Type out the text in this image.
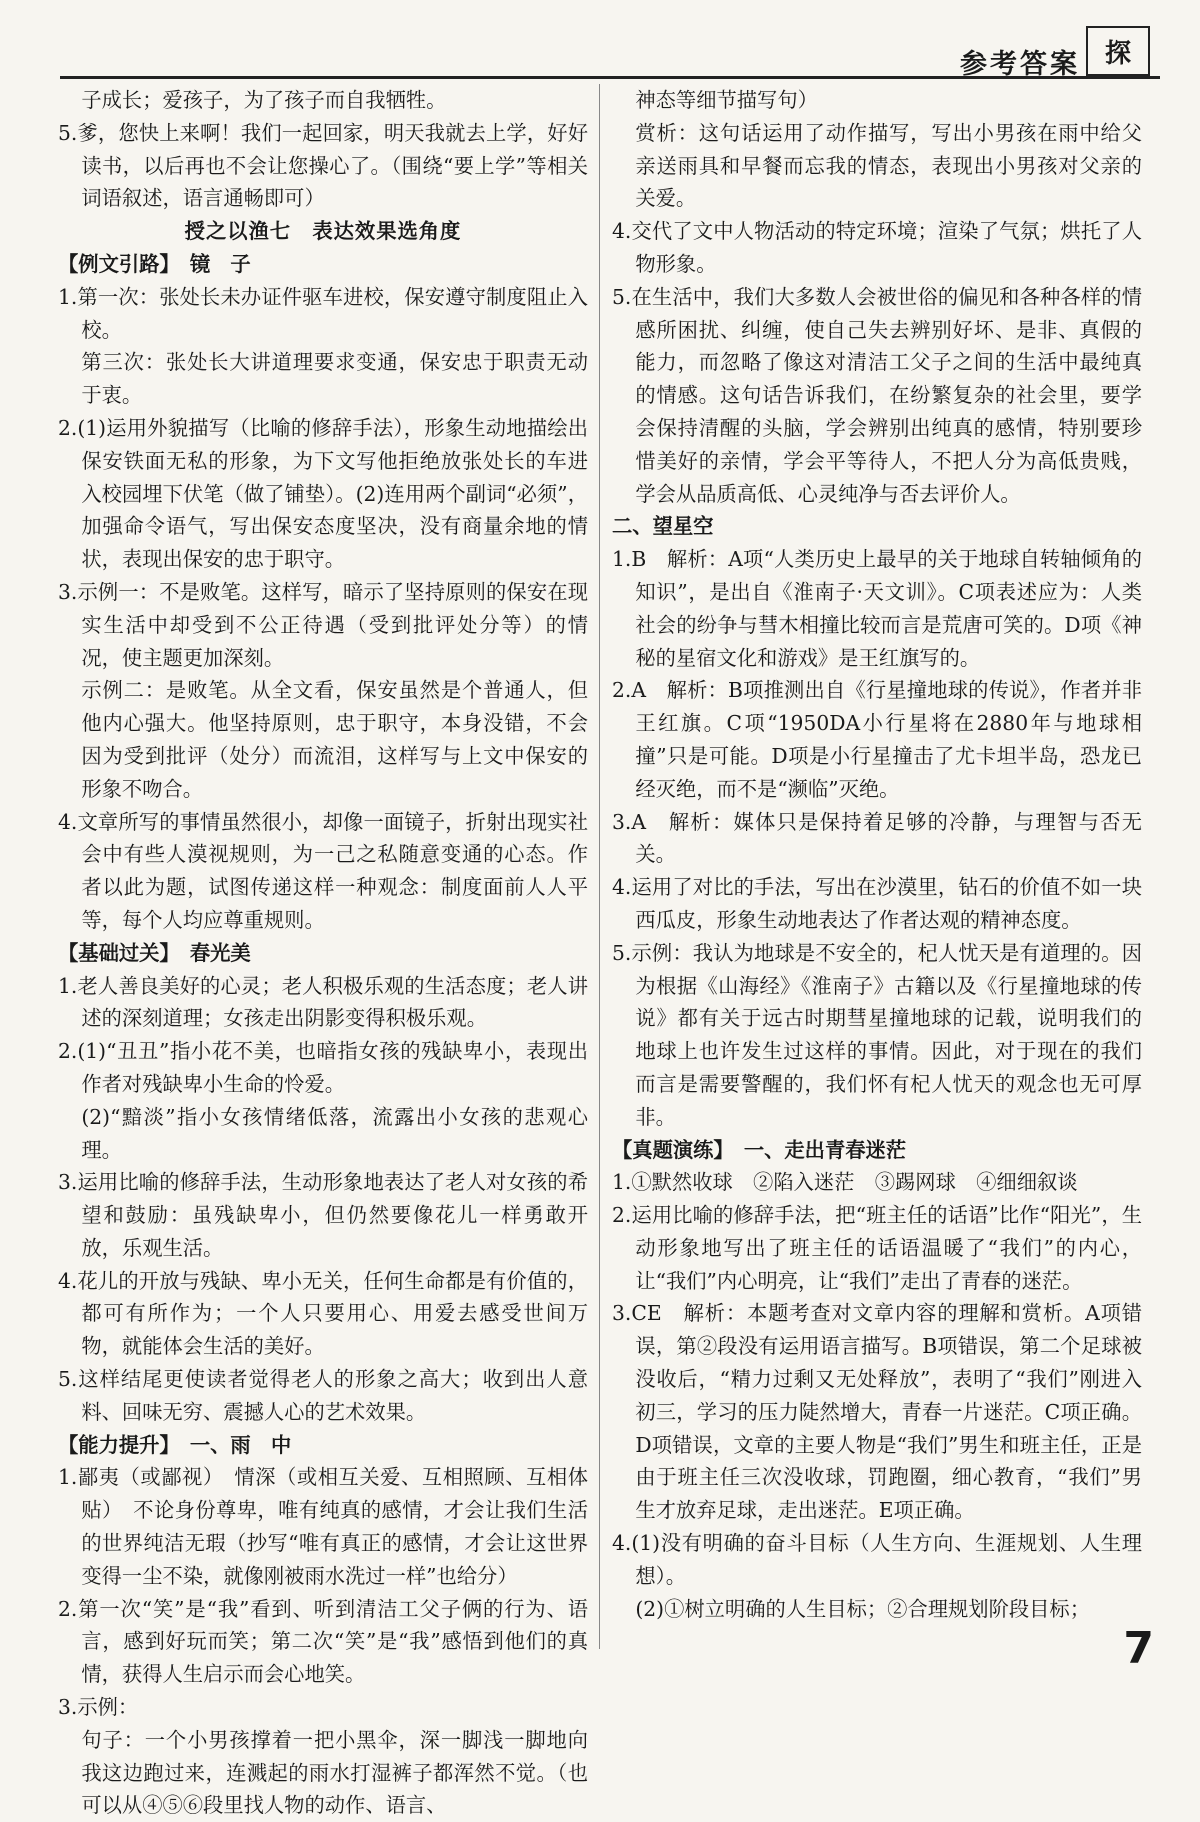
参考答案 探

子成长；爱孩子，为了孩子而自我牺牲。

5.爹，您快上来啊！我们一起回家，明天我就去上学，好好读书，以后再也不会让您操心了。（围绕“要上学”等相关词语叙述，语言通畅即可）

授之以渔七　表达效果选角度

【例文引路】　镜　子

1.第一次：张处长未办证件驱车进校，保安遵守制度阻止入校。

第三次：张处长大讲道理要求变通，保安忠于职责无动于衷。

2.(1)运用外貌描写（比喻的修辞手法），形象生动地描绘出保安铁面无私的形象，为下文写他拒绝放张处长的车进入校园埋下伏笔（做了铺垫）。(2)连用两个副词“必须”，加强命令语气，写出保安态度坚决，没有商量余地的情状，表现出保安的忠于职守。

3.示例一：不是败笔。这样写，暗示了坚持原则的保安在现实生活中却受到不公正待遇（受到批评处分等）的情况，使主题更加深刻。

示例二：是败笔。从全文看，保安虽然是个普通人，但他内心强大。他坚持原则，忠于职守，本身没错，不会因为受到批评（处分）而流泪，这样写与上文中保安的形象不吻合。

4.文章所写的事情虽然很小，却像一面镜子，折射出现实社会中有些人漠视规则，为一己之私随意变通的心态。作者以此为题，试图传递这样一种观念：制度面前人人平等，每个人均应尊重规则。

【基础过关】　春光美

1.老人善良美好的心灵；老人积极乐观的生活态度；老人讲述的深刻道理；女孩走出阴影变得积极乐观。

2.(1)“丑丑”指小花不美，也暗指女孩的残缺卑小，表现出作者对残缺卑小生命的怜爱。

(2)“黯淡”指小女孩情绪低落，流露出小女孩的悲观心理。

3.运用比喻的修辞手法，生动形象地表达了老人对女孩的希望和鼓励：虽残缺卑小，但仍然要像花儿一样勇敢开放，乐观生活。

4.花儿的开放与残缺、卑小无关，任何生命都是有价值的，都可有所作为；一个人只要用心、用爱去感受世间万物，就能体会生活的美好。

5.这样结尾更使读者觉得老人的形象之高大；收到出人意料、回味无穷、震撼人心的艺术效果。

【能力提升】　一、雨　中

1.鄙夷（或鄙视）　情深（或相互关爱、互相照顾、互相体贴）　不论身份尊卑，唯有纯真的感情，才会让我们生活的世界纯洁无瑕（抄写“唯有真正的感情，才会让这世界变得一尘不染，就像刚被雨水洗过一样”也给分）

2.第一次“笑”是“我”看到、听到清洁工父子俩的行为、语言，感到好玩而笑；第二次“笑”是“我”感悟到他们的真情，获得人生启示而会心地笑。

3.示例：

句子：一个小男孩撑着一把小黑伞，深一脚浅一脚地向我这边跑过来，连溅起的雨水打湿裤子都浑然不觉。（也可以从④⑤⑥段里找人物的动作、语言、

神态等细节描写句）

赏析：这句话运用了动作描写，写出小男孩在雨中给父亲送雨具和早餐而忘我的情态，表现出小男孩对父亲的关爱。

4.交代了文中人物活动的特定环境；渲染了气氛；烘托了人物形象。

5.在生活中，我们大多数人会被世俗的偏见和各种各样的情感所困扰、纠缠，使自己失去辨别好坏、是非、真假的能力，而忽略了像这对清洁工父子之间的生活中最纯真的情感。这句话告诉我们，在纷繁复杂的社会里，要学会保持清醒的头脑，学会辨别出纯真的感情，特别要珍惜美好的亲情，学会平等待人，不把人分为高低贵贱，学会从品质高低、心灵纯净与否去评价人。

二、望星空

1.B　解析：A项“人类历史上最早的关于地球自转轴倾角的知识”，是出自《淮南子·天文训》。C项表述应为：人类社会的纷争与彗木相撞比较而言是荒唐可笑的。D项《神秘的星宿文化和游戏》是王红旗写的。

2.A　解析：B项推测出自《行星撞地球的传说》，作者并非王红旗。C项“1950DA小行星将在2880年与地球相撞”只是可能。D项是小行星撞击了尤卡坦半岛，恐龙已经灭绝，而不是“濒临”灭绝。

3.A　解析：媒体只是保持着足够的冷静，与理智与否无关。

4.运用了对比的手法，写出在沙漠里，钻石的价值不如一块西瓜皮，形象生动地表达了作者达观的精神态度。

5.示例：我认为地球是不安全的，杞人忧天是有道理的。因为根据《山海经》《淮南子》古籍以及《行星撞地球的传说》都有关于远古时期彗星撞地球的记载，说明我们的地球上也许发生过这样的事情。因此，对于现在的我们而言是需要警醒的，我们怀有杞人忧天的观念也无可厚非。

【真题演练】　一、走出青春迷茫

1.①默然收球　②陷入迷茫　③踢网球　④细细叙谈

2.运用比喻的修辞手法，把“班主任的话语”比作“阳光”，生动形象地写出了班主任的话语温暖了“我们”的内心，让“我们”内心明亮，让“我们”走出了青春的迷茫。

3.CE　解析：本题考查对文章内容的理解和赏析。A项错误，第②段没有运用语言描写。B项错误，第二个足球被没收后，“精力过剩又无处释放”，表明了“我们”刚进入初三，学习的压力陡然增大，青春一片迷茫。C项正确。D项错误，文章的主要人物是“我们”男生和班主任，正是由于班主任三次没收球，罚跑圈，细心教育，“我们”男生才放弃足球，走出迷茫。E项正确。

4.(1)没有明确的奋斗目标（人生方向、生涯规划、人生理想）。

(2)①树立明确的人生目标；②合理规划阶段目标；

7
